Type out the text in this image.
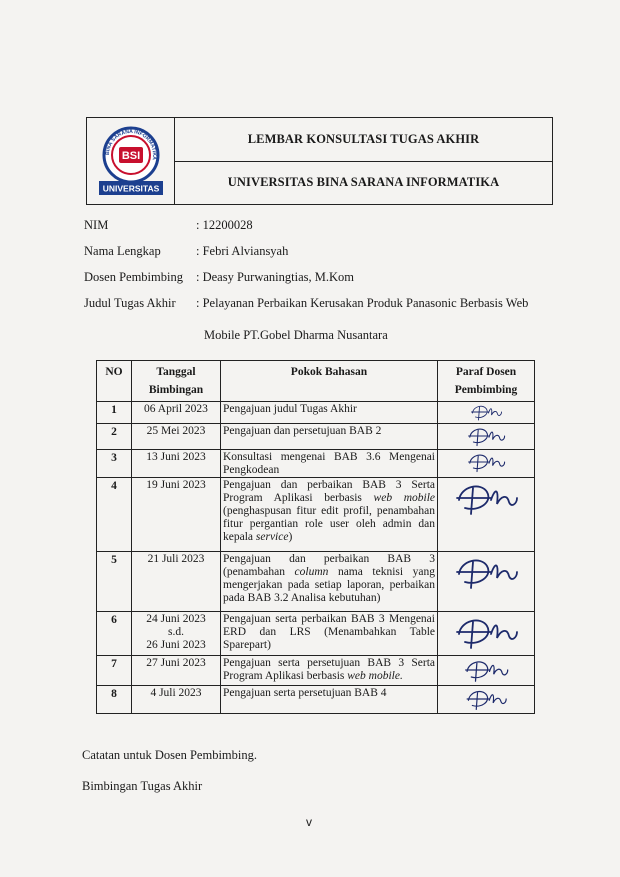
BINA SARANA INFORMATIKA
BSI
UNIVERSITAS
LEMBAR KONSULTASI TUGAS AKHIR
UNIVERSITAS BINA SARANA INFORMATIKA
NIM	: 12200028
Nama Lengkap	: Febri Alviansyah
Dosen Pembimbing : Deasy Purwaningtias, M.Kom
Judul Tugas Akhir : Pelayanan Perbaikan Kerusakan Produk Panasonic Berbasis Web
Mobile PT.Gobel Dharma Nusantara
NO	Tanggal
Bimbingan	Pokok Bahasan	Paraf Dosen
Pembimbing
1	06 April 2023	Pengajuan judul Tugas Akhir	

2	25 Mei 2023	Pengajuan dan persetujuan BAB 2	

3	13 Juni 2023	Konsultasi mengenai BAB 3.6 Mengenai Pengkodean	

4	19 Juni 2023	Pengajuan dan perbaikan BAB 3 Serta Program Aplikasi berbasis web mobile (penghaspusan fitur edit profil, penambahan fitur pergantian role user oleh admin dan kepala service)	

5	21 Juli 2023	Pengajuan dan perbaikan BAB 3 (penambahan column nama teknisi yang mengerjakan pada setiap laporan, perbaikan pada BAB 3.2 Analisa kebutuhan)	

6	24 Juni 2023
s.d.
26 Juni 2023	Pengajuan serta perbaikan BAB 3 Mengenai ERD dan LRS (Menambahkan Table Sparepart)	

7	27 Juni 2023	Pengajuan serta persetujuan BAB 3 Serta Program Aplikasi berbasis web mobile.	

8	4 Juli 2023	Pengajuan serta persetujuan BAB 4	
Catatan untuk Dosen Pembimbing.
Bimbingan Tugas Akhir
v
